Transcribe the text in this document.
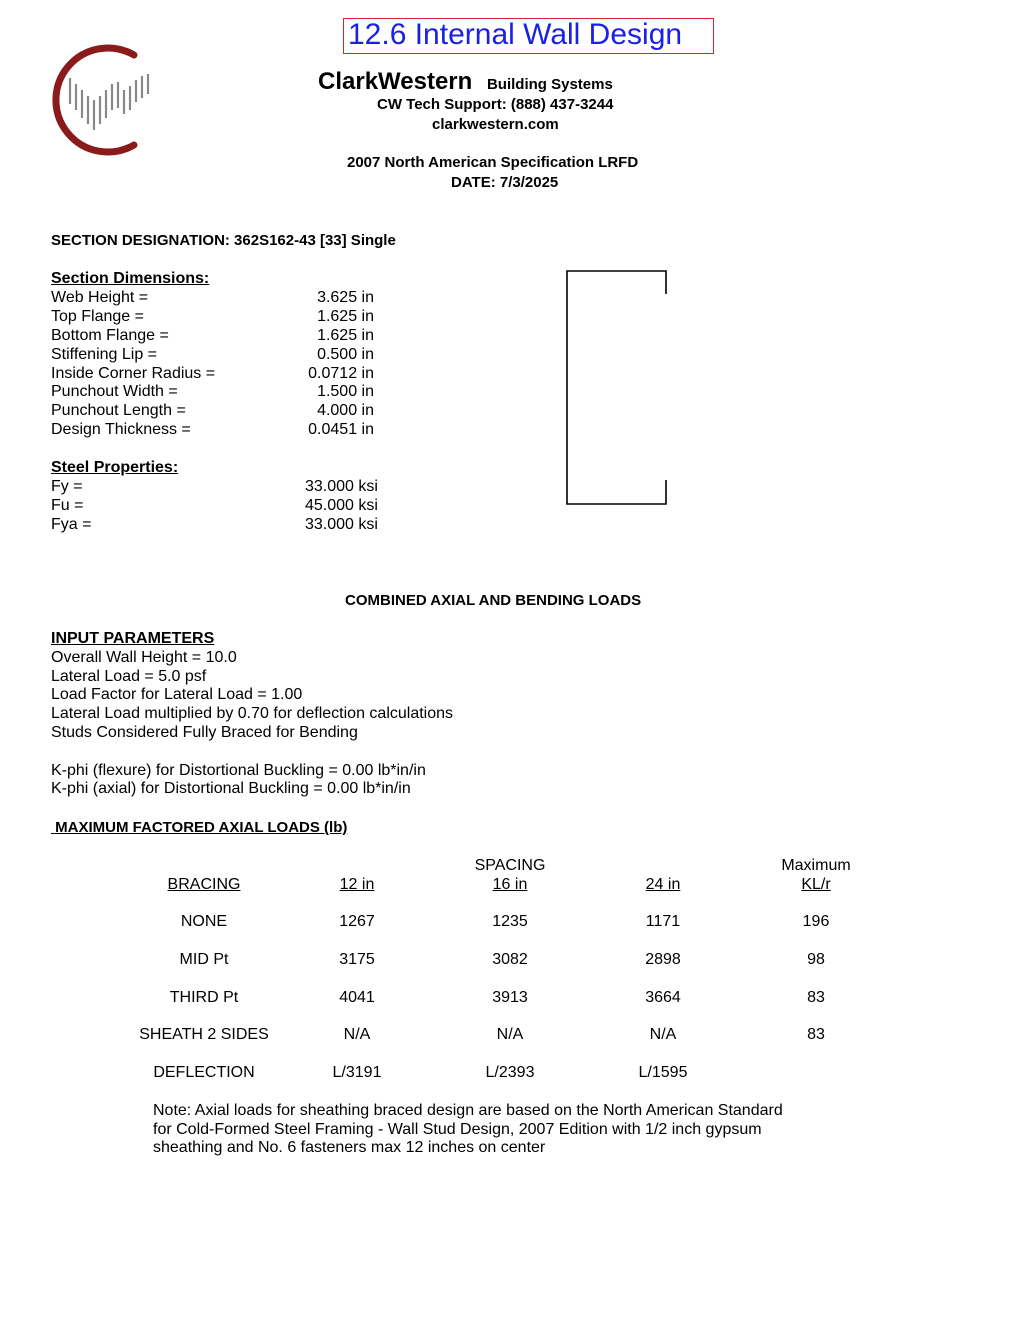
12.6 Internal Wall Design
ClarkWestern Building Systems
CW Tech Support: (888) 437-3244
clarkwestern.com
2007 North American Specification LRFD
DATE: 7/3/2025
SECTION DESIGNATION: 362S162-43 [33] Single
Section Dimensions:
Web Height =	3.625 in
Top Flange =	1.625 in
Bottom Flange =	1.625 in
Stiffening Lip =	0.500 in
Inside Corner Radius =	0.0712 in
Punchout Width =	1.500 in
Punchout Length =	4.000 in
Design Thickness =	0.0451 in
Steel Properties:
Fy =	33.000 ksi
Fu =	45.000 ksi
Fya =	33.000 ksi
COMBINED AXIAL AND BENDING LOADS
INPUT PARAMETERS
Overall Wall Height = 10.0
Lateral Load = 5.0 psf
Load Factor for Lateral Load = 1.00
Lateral Load multiplied by 0.70 for deflection calculations
Studs Considered Fully Braced for Bending
K-phi (flexure) for Distortional Buckling = 0.00 lb*in/in
K-phi (axial) for Distortional Buckling = 0.00 lb*in/in
MAXIMUM FACTORED AXIAL LOADS (lb)
SPACING	Maximum
BRACING	12 in	16 in	24 in	KL/r
NONE	1267	1235	1171	196
MID Pt	3175	3082	2898	98
THIRD Pt	4041	3913	3664	83
SHEATH 2 SIDES	N/A	N/A	N/A	83
DEFLECTION	L/3191	L/2393	L/1595
Note: Axial loads for sheathing braced design are based on the North American Standard
for Cold-Formed Steel Framing - Wall Stud Design, 2007 Edition with 1/2 inch gypsum
sheathing and No. 6 fasteners max 12 inches on center
